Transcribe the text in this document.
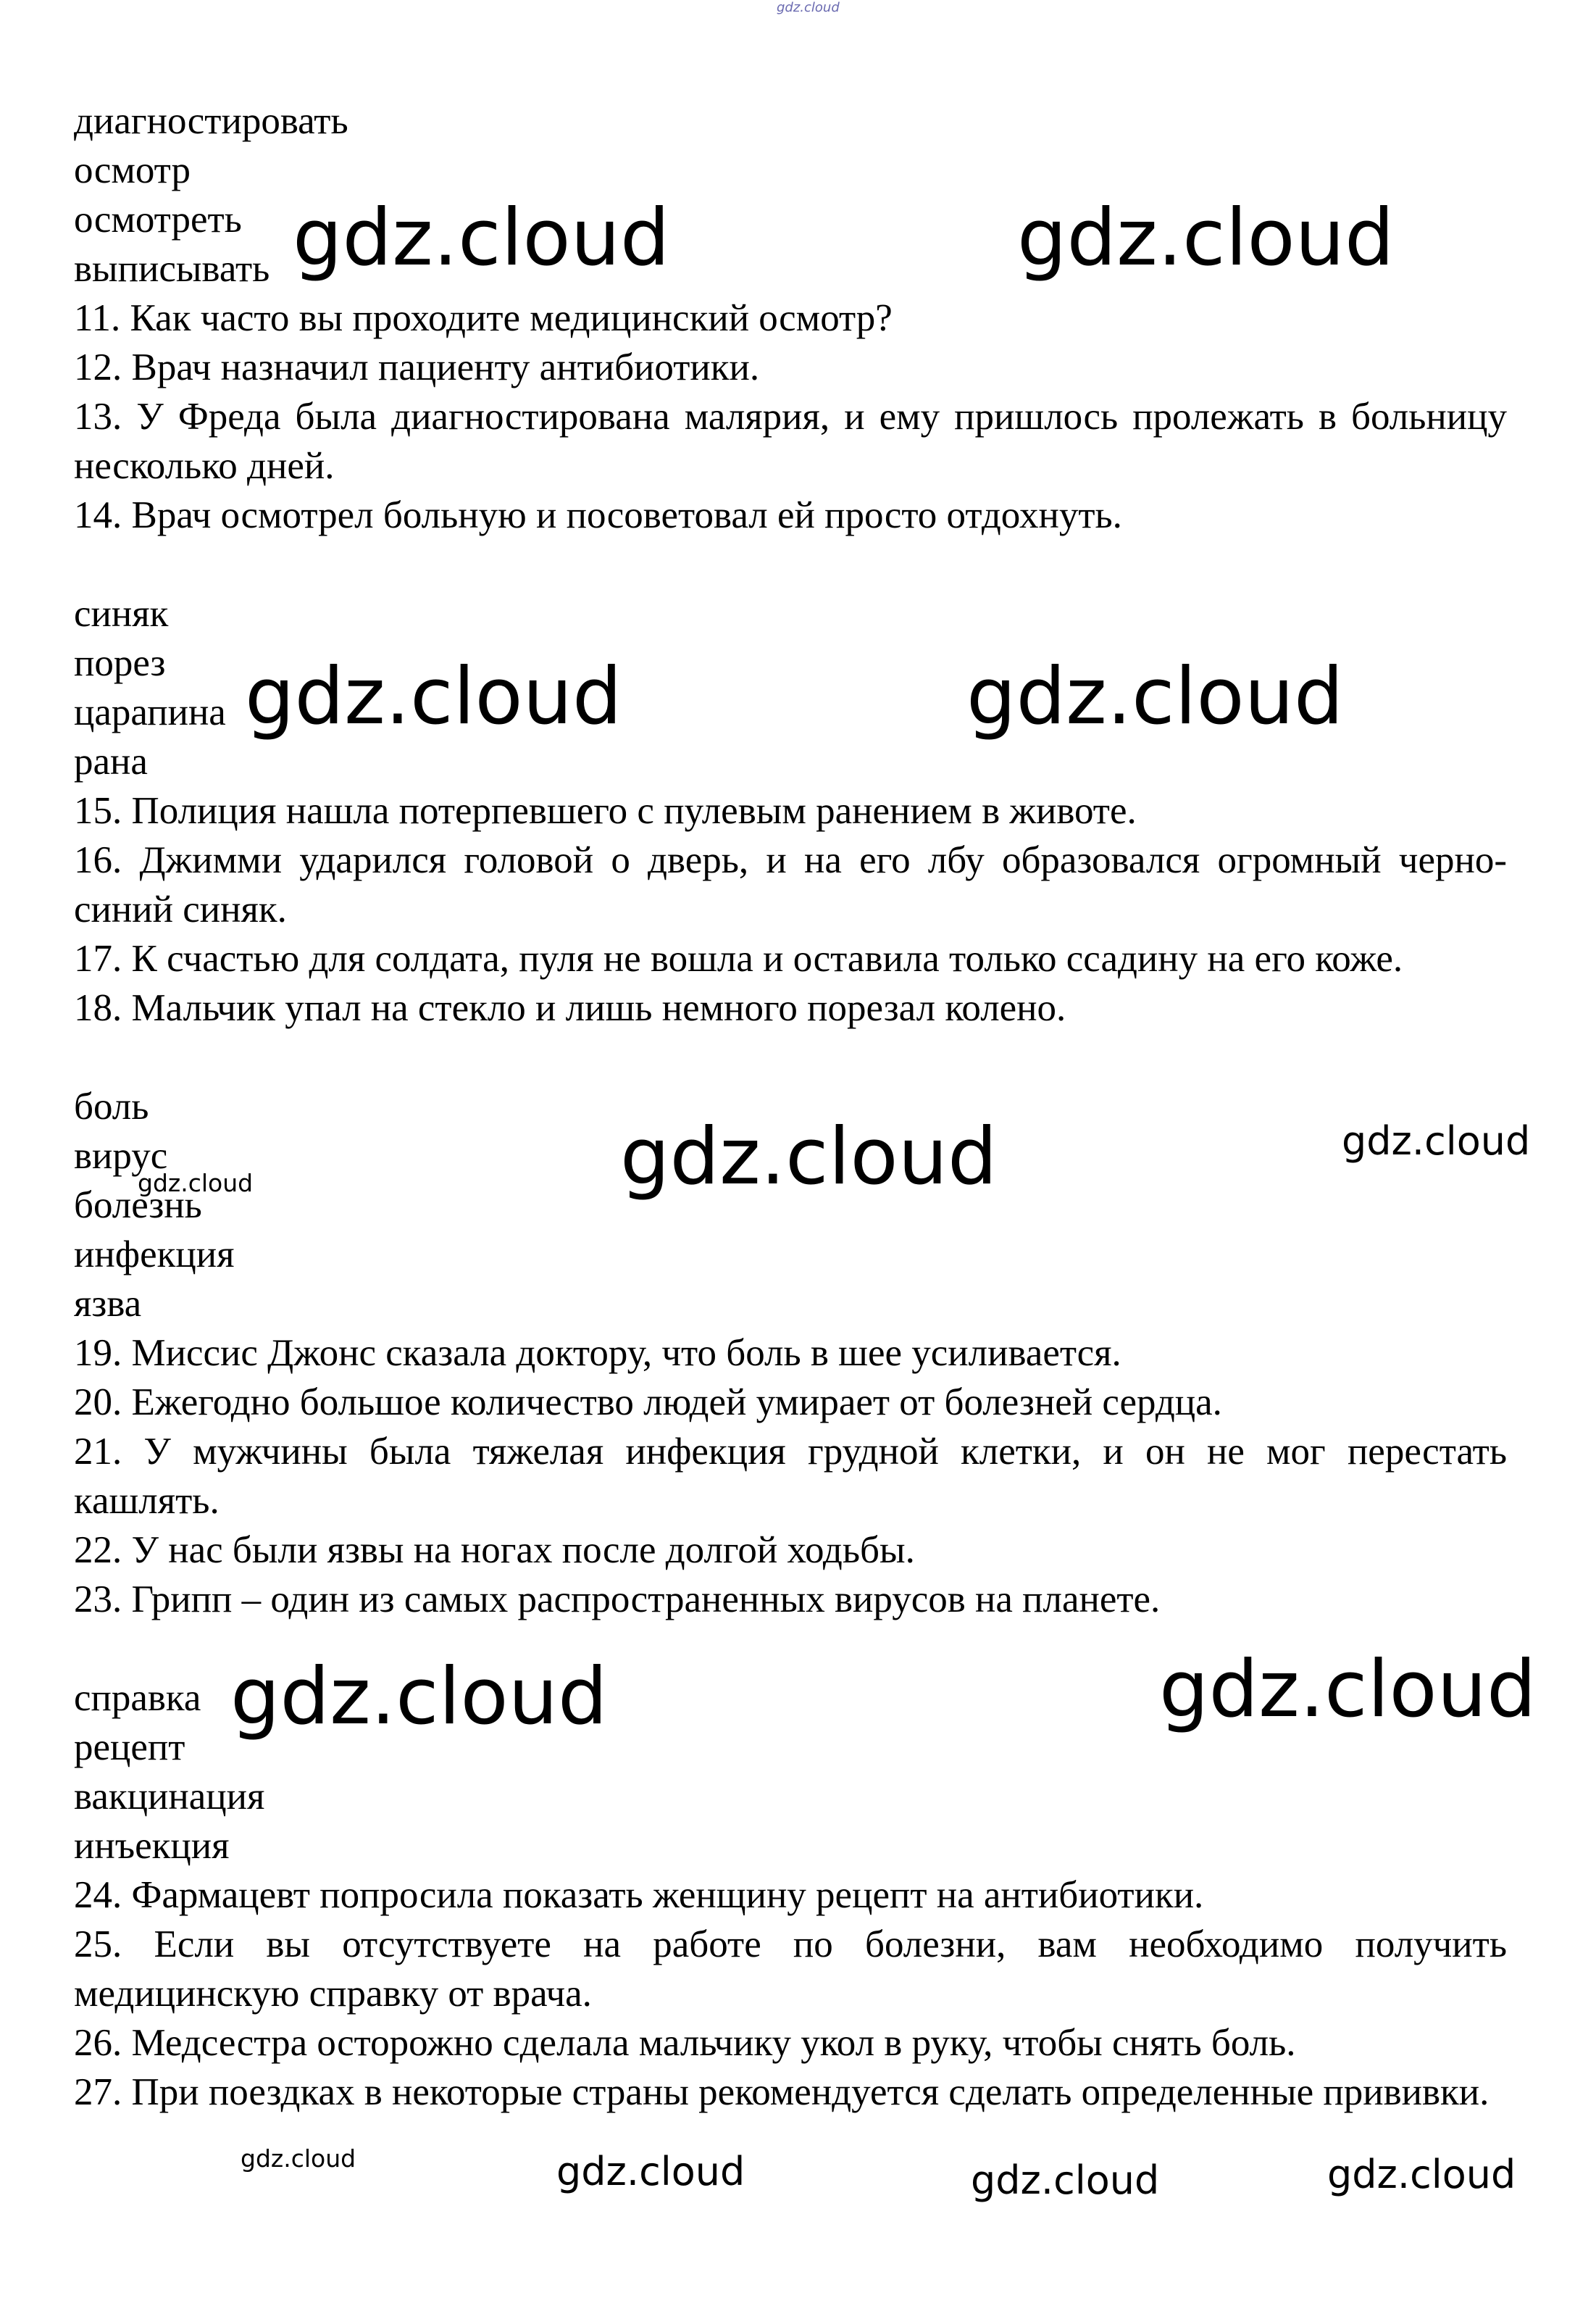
gdz.cloud
диагностировать
осмотр
осмотреть
выписывать
11. Как часто вы проходите медицинский осмотр?
12. Врач назначил пациенту антибиотики.
13. У Фреда была диагностирована малярия, и ему пришлось пролежать в больницу несколько дней.
14. Врач осмотрел больную и посоветовал ей просто отдохнуть.
синяк
порез
царапина
рана
15. Полиция нашла потерпевшего с пулевым ранением в животе.
16. Джимми ударился головой о дверь, и на его лбу образовался огромный черно-синий синяк.
17. К счастью для солдата, пуля не вошла и оставила только ссадину на его коже.
18. Мальчик упал на стекло и лишь немного порезал колено.
боль
вирус
болезнь
инфекция
язва
19. Миссис Джонс сказала доктору, что боль в шее усиливается.
20. Ежегодно большое количество людей умирает от болезней сердца.
21. У мужчины была тяжелая инфекция грудной клетки, и он не мог перестать кашлять.
22. У нас были язвы на ногах после долгой ходьбы.
23. Грипп – один из самых распространенных вирусов на планете.
справка
рецепт
вакцинация
инъекция
24. Фармацевт попросила показать женщину рецепт на антибиотики.
25. Если вы отсутствуете на работе по болезни, вам необходимо получить медицинскую справку от врача.
26. Медсестра осторожно сделала мальчику укол в руку, чтобы снять боль.
27. При поездках в некоторые страны рекомендуется сделать определенные прививки.
gdz.cloud	gdz.cloud
gdz.cloud	gdz.cloud
gdz.cloud	gdz.cloud
gdz.cloud
gdz.cloud	gdz.cloud
gdz.cloud	gdz.cloud	gdz.cloud	gdz.cloud
